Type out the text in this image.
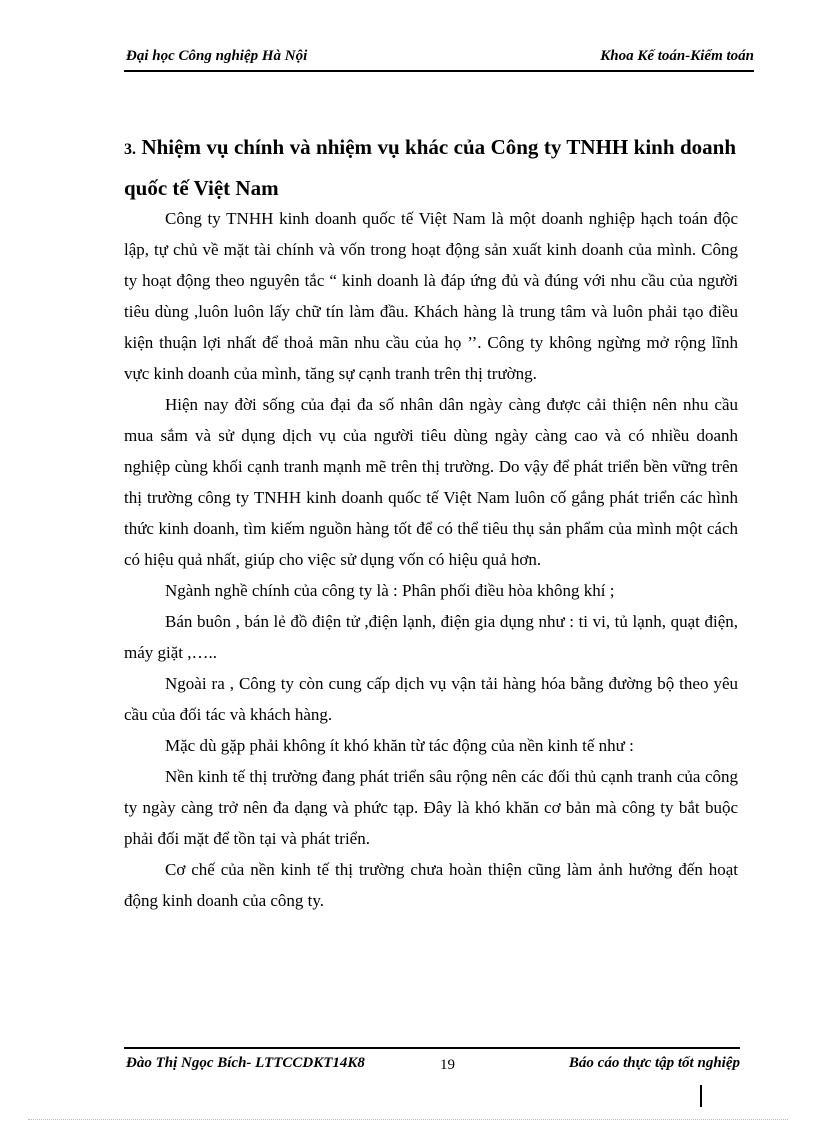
Đại học Công nghiệp Hà Nội	Khoa Kế toán-Kiểm toán
3. Nhiệm vụ chính và nhiệm vụ khác của Công ty TNHH kinh doanh quốc tế Việt Nam

Công ty TNHH kinh doanh quốc tế Việt Nam là một doanh nghiệp hạch toán độc lập, tự chủ về mặt tài chính và vốn trong hoạt động sản xuất kinh doanh của mình. Công ty hoạt động theo nguyên tắc “ kinh doanh là đáp ứng đủ và đúng với nhu cầu của người tiêu dùng ,luôn luôn lấy chữ tín làm đầu. Khách hàng là trung tâm và luôn phải tạo điều kiện thuận lợi nhất để thoả mãn nhu cầu của họ ’’. Công ty không ngừng mở rộng lĩnh vực kinh doanh của mình, tăng sự cạnh tranh trên thị trường.

Hiện nay đời sống của đại đa số nhân dân ngày càng được cải thiện nên nhu cầu mua sắm và sử dụng dịch vụ của người tiêu dùng ngày càng cao và có nhiều doanh nghiệp cùng khối cạnh tranh mạnh mẽ trên thị trường. Do vậy để phát triển bền vững trên thị trường công ty TNHH kinh doanh quốc tế Việt Nam luôn cố gắng phát triển các hình thức kinh doanh, tìm kiếm nguồn hàng tốt để có thể tiêu thụ sản phẩm của mình một cách có hiệu quả nhất, giúp cho việc sử dụng vốn có hiệu quả hơn.

Ngành nghề chính của công ty là : Phân phối điều hòa không khí ;

Bán buôn , bán lẻ đồ điện tử ,điện lạnh, điện gia dụng như : ti vi, tủ lạnh, quạt điện, máy giặt ,…..

Ngoài ra , Công ty còn cung cấp dịch vụ vận tải hàng hóa bằng đường bộ theo yêu cầu của đối tác và khách hàng.

Mặc dù gặp phải không ít khó khăn từ tác động của nền kinh tế như :

Nền kinh tế thị trường đang phát triển sâu rộng nên các đối thủ cạnh tranh của công ty ngày càng trở nên đa dạng và phức tạp. Đây là khó khăn cơ bản mà công ty bắt buộc phải đối mặt để tồn tại và phát triển.

Cơ chế của nền kinh tế thị trường chưa hoàn thiện cũng làm ảnh hưởng đến hoạt động kinh doanh của công ty.

Đào Thị Ngọc Bích- LTTCCDKT14K8	19	Báo cáo thực tập tốt nghiệp
